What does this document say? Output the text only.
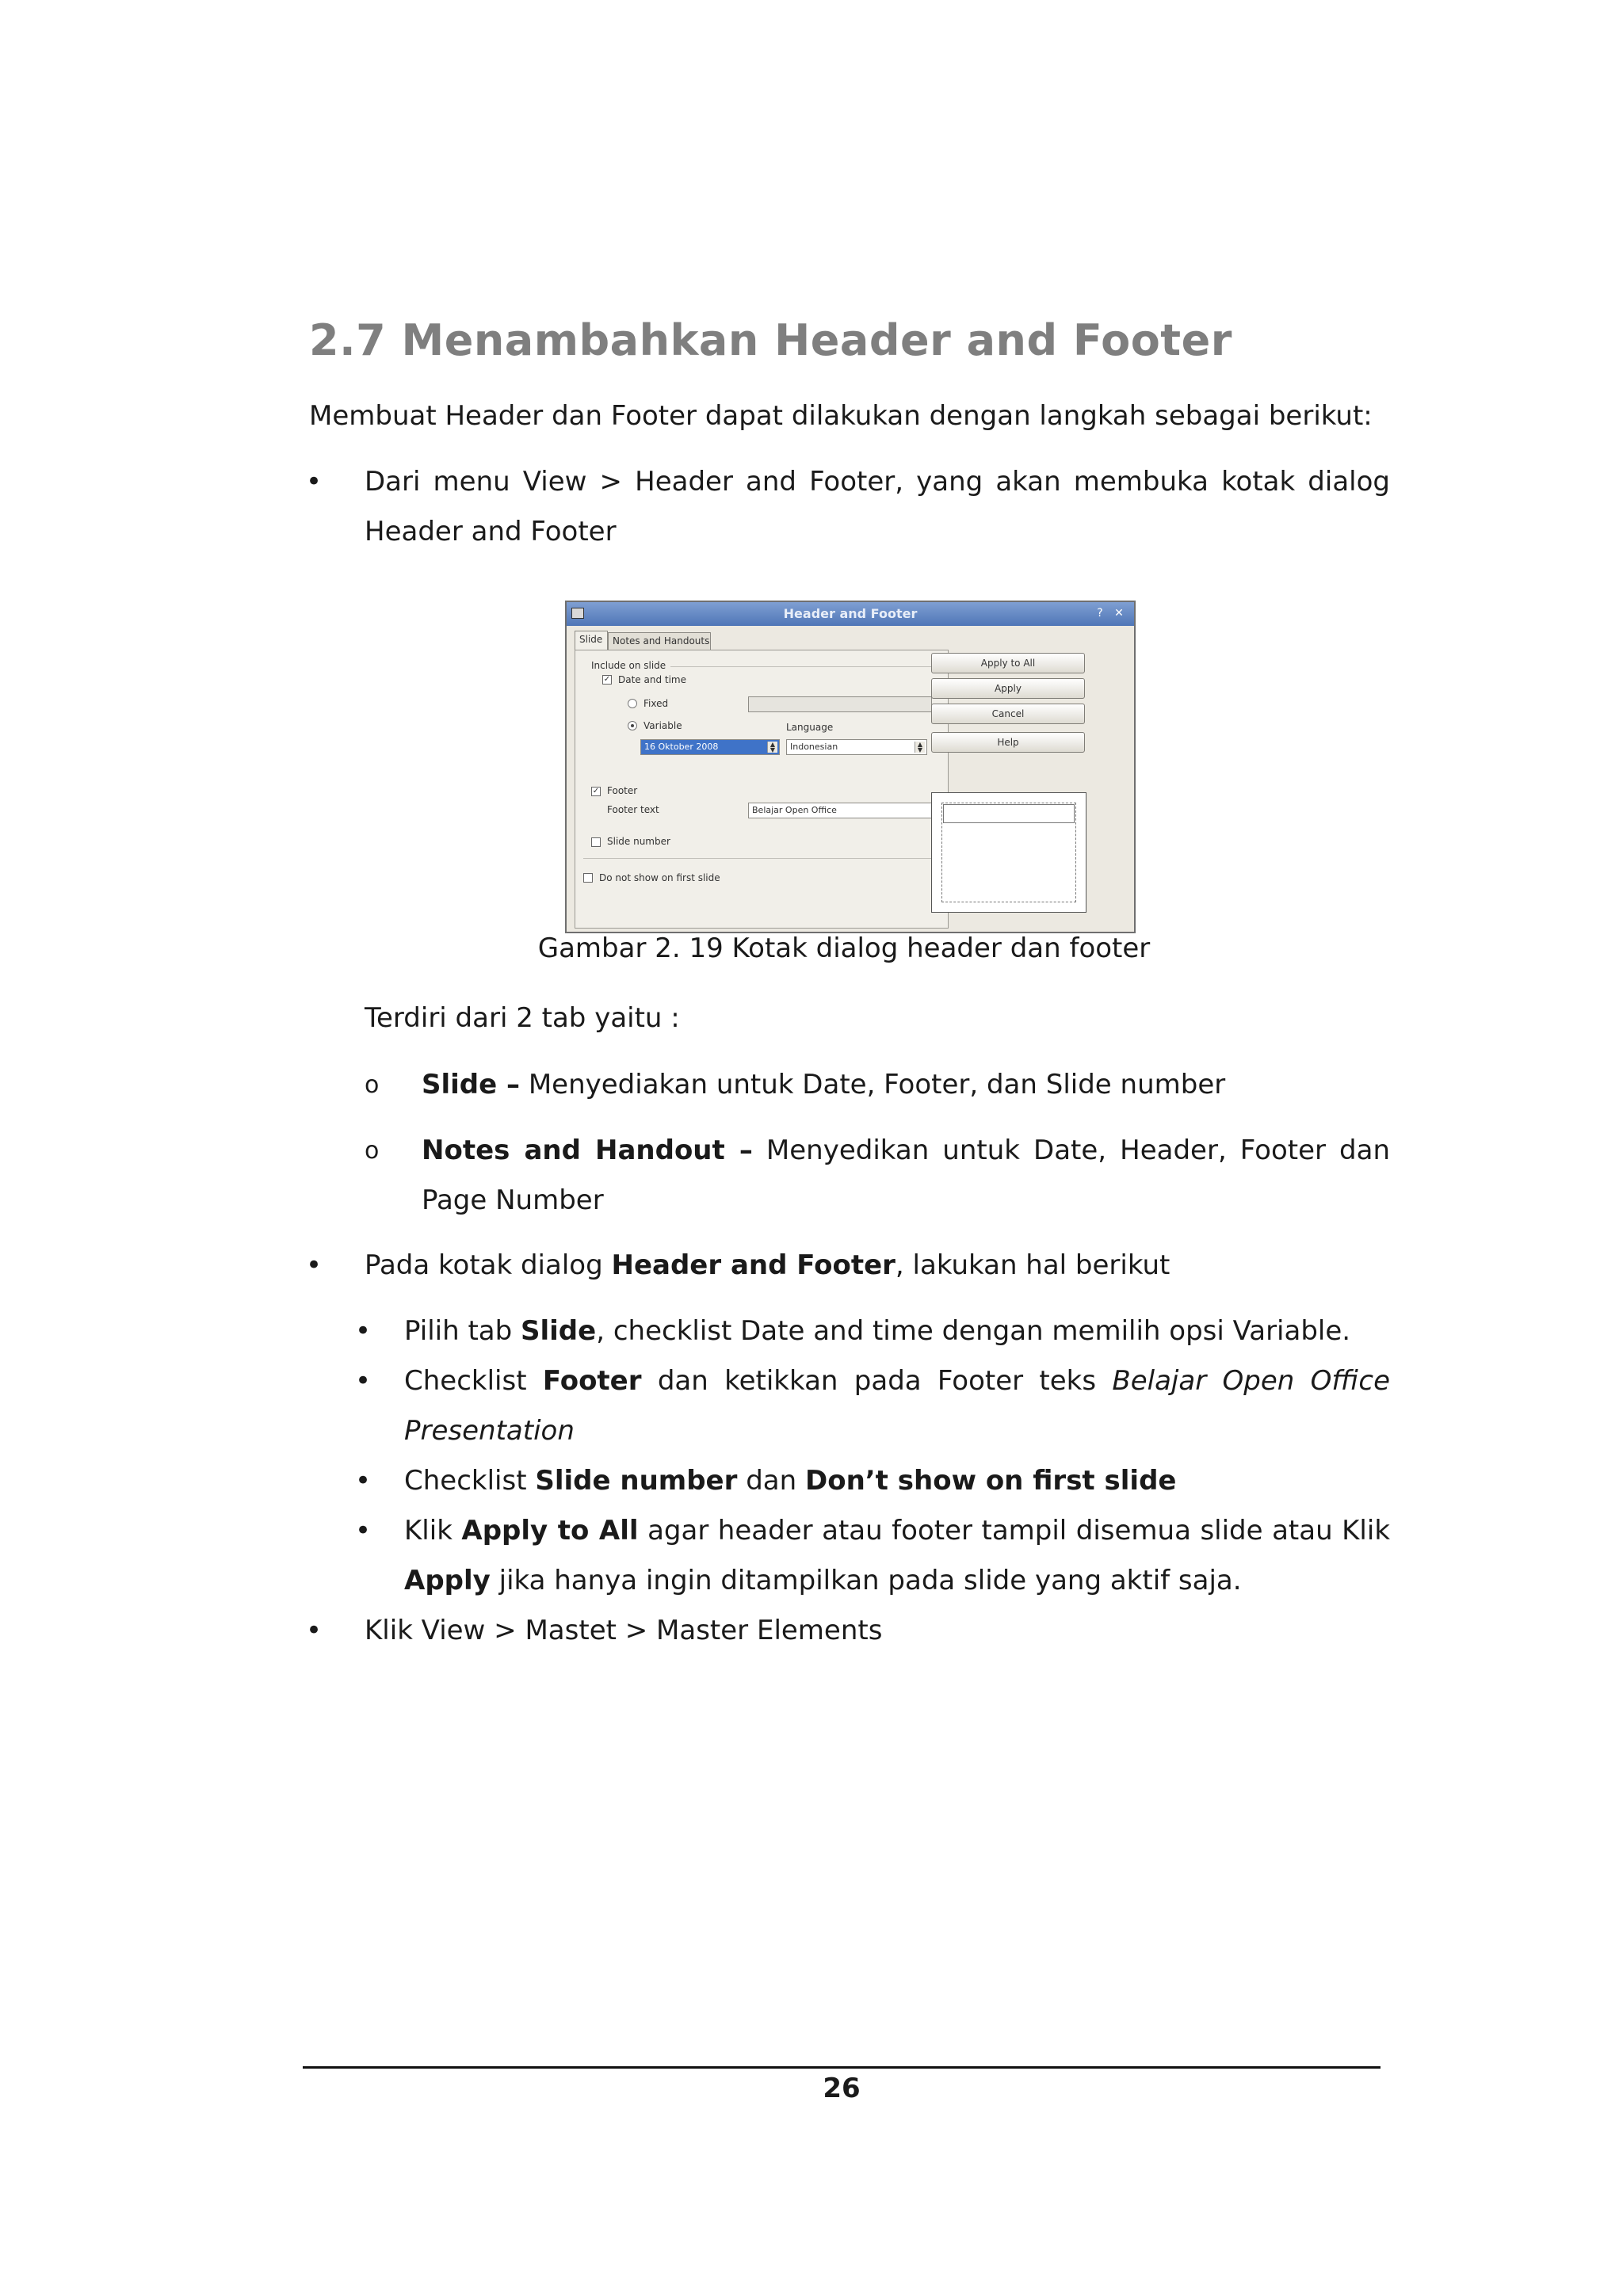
2.7 Menambahkan Header and Footer

Membuat Header dan Footer dapat dilakukan dengan langkah sebagai berikut:

• Dari menu View > Header and Footer, yang akan membuka kotak dialog Header and Footer

Header and Footer	?	✕
Slide	Notes and Handouts
Include on slide
✓ Date and time
Fixed
Variable	Language
16 Oktober 2008	▲
▼	Indonesian	▲
▼
✓ Footer
Footer text	Belajar Open Office
Slide number
Do not show on first slide
Apply to All
Apply
Cancel
Help
Gambar 2. 19 Kotak dialog header dan footer

Terdiri dari 2 tab yaitu :

o Slide – Menyediakan untuk Date, Footer, dan Slide number

o Notes and Handout – Menyedikan untuk Date, Header, Footer dan Page Number

• Pada kotak dialog Header and Footer, lakukan hal berikut

• Pilih tab Slide, checklist Date and time dengan memilih opsi Variable.

• Checklist Footer dan ketikkan pada Footer teks Belajar Open Office Presentation

• Checklist Slide number dan Don’t show on first slide

• Klik Apply to All agar header atau footer tampil disemua slide atau Klik Apply jika hanya ingin ditampilkan pada slide yang aktif saja.

• Klik View > Mastet > Master Elements

26
